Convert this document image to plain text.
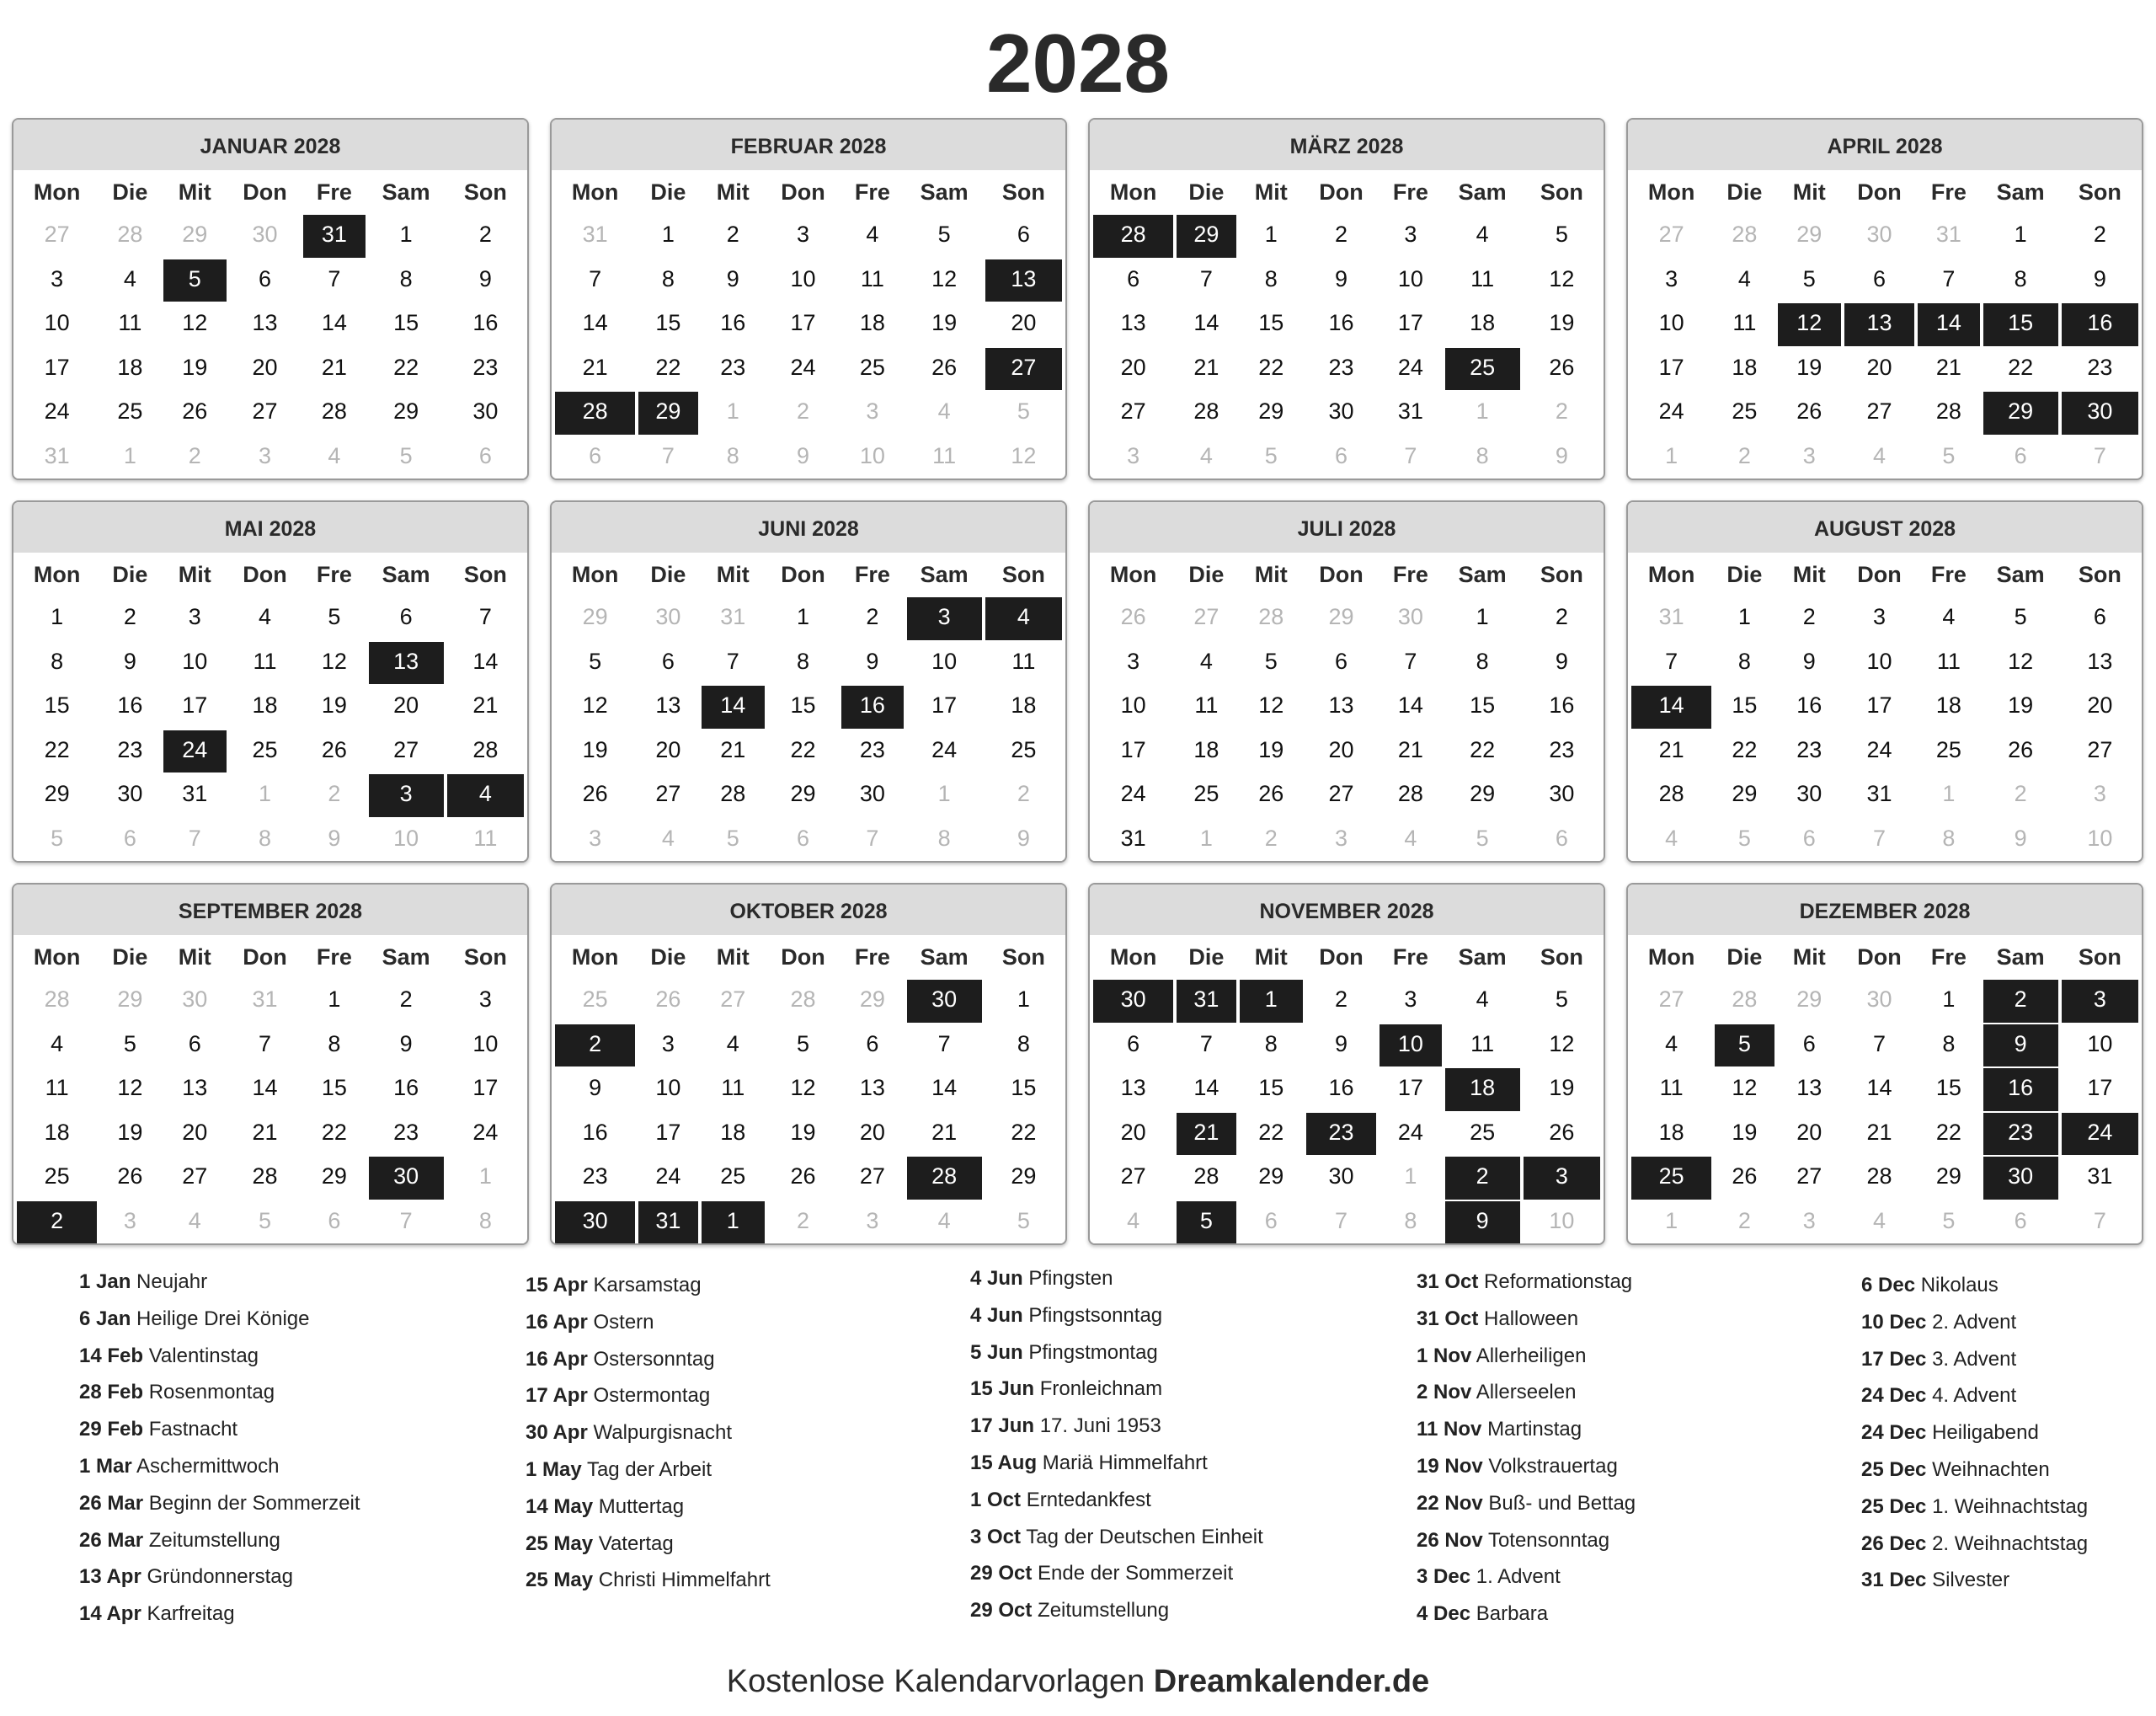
2028
JANUAR 2028
Mon	Die	Mit	Don	Fre	Sam	Son
27	28	29	30	31	1	2
3	4	5	6	7	8	9
10	11	12	13	14	15	16
17	18	19	20	21	22	23
24	25	26	27	28	29	30
31	1	2	3	4	5	6
FEBRUAR 2028
Mon	Die	Mit	Don	Fre	Sam	Son
31	1	2	3	4	5	6
7	8	9	10	11	12	13
14	15	16	17	18	19	20
21	22	23	24	25	26	27
28	29	1	2	3	4	5
6	7	8	9	10	11	12
MÄRZ 2028
Mon	Die	Mit	Don	Fre	Sam	Son
28	29	1	2	3	4	5
6	7	8	9	10	11	12
13	14	15	16	17	18	19
20	21	22	23	24	25	26
27	28	29	30	31	1	2
3	4	5	6	7	8	9
APRIL 2028
Mon	Die	Mit	Don	Fre	Sam	Son
27	28	29	30	31	1	2
3	4	5	6	7	8	9
10	11	12	13	14	15	16
17	18	19	20	21	22	23
24	25	26	27	28	29	30
1	2	3	4	5	6	7
MAI 2028
Mon	Die	Mit	Don	Fre	Sam	Son
1	2	3	4	5	6	7
8	9	10	11	12	13	14
15	16	17	18	19	20	21
22	23	24	25	26	27	28
29	30	31	1	2	3	4
5	6	7	8	9	10	11
JUNI 2028
Mon	Die	Mit	Don	Fre	Sam	Son
29	30	31	1	2	3	4
5	6	7	8	9	10	11
12	13	14	15	16	17	18
19	20	21	22	23	24	25
26	27	28	29	30	1	2
3	4	5	6	7	8	9
JULI 2028
Mon	Die	Mit	Don	Fre	Sam	Son
26	27	28	29	30	1	2
3	4	5	6	7	8	9
10	11	12	13	14	15	16
17	18	19	20	21	22	23
24	25	26	27	28	29	30
31	1	2	3	4	5	6
AUGUST 2028
Mon	Die	Mit	Don	Fre	Sam	Son
31	1	2	3	4	5	6
7	8	9	10	11	12	13
14	15	16	17	18	19	20
21	22	23	24	25	26	27
28	29	30	31	1	2	3
4	5	6	7	8	9	10
SEPTEMBER 2028
Mon	Die	Mit	Don	Fre	Sam	Son
28	29	30	31	1	2	3
4	5	6	7	8	9	10
11	12	13	14	15	16	17
18	19	20	21	22	23	24
25	26	27	28	29	30	1
2	3	4	5	6	7	8
OKTOBER 2028
Mon	Die	Mit	Don	Fre	Sam	Son
25	26	27	28	29	30	1
2	3	4	5	6	7	8
9	10	11	12	13	14	15
16	17	18	19	20	21	22
23	24	25	26	27	28	29
30	31	1	2	3	4	5
NOVEMBER 2028
Mon	Die	Mit	Don	Fre	Sam	Son
30	31	1	2	3	4	5
6	7	8	9	10	11	12
13	14	15	16	17	18	19
20	21	22	23	24	25	26
27	28	29	30	1	2	3
4	5	6	7	8	9	10
DEZEMBER 2028
Mon	Die	Mit	Don	Fre	Sam	Son
27	28	29	30	1	2	3
4	5	6	7	8	9	10
11	12	13	14	15	16	17
18	19	20	21	22	23	24
25	26	27	28	29	30	31
1	2	3	4	5	6	7
1 Jan Neujahr
6 Jan Heilige Drei Könige
14 Feb Valentinstag
28 Feb Rosenmontag
29 Feb Fastnacht
1 Mar Aschermittwoch
26 Mar Beginn der Sommerzeit
26 Mar Zeitumstellung
13 Apr Gründonnerstag
14 Apr Karfreitag
15 Apr Karsamstag
16 Apr Ostern
16 Apr Ostersonntag
17 Apr Ostermontag
30 Apr Walpurgisnacht
1 May Tag der Arbeit
14 May Muttertag
25 May Vatertag
25 May Christi Himmelfahrt
4 Jun Pfingsten
4 Jun Pfingstsonntag
5 Jun Pfingstmontag
15 Jun Fronleichnam
17 Jun 17. Juni 1953
15 Aug Mariä Himmelfahrt
1 Oct Erntedankfest
3 Oct Tag der Deutschen Einheit
29 Oct Ende der Sommerzeit
29 Oct Zeitumstellung
31 Oct Reformationstag
31 Oct Halloween
1 Nov Allerheiligen
2 Nov Allerseelen
11 Nov Martinstag
19 Nov Volkstrauertag
22 Nov Buß- und Bettag
26 Nov Totensonntag
3 Dec 1. Advent
4 Dec Barbara
6 Dec Nikolaus
10 Dec 2. Advent
17 Dec 3. Advent
24 Dec 4. Advent
24 Dec Heiligabend
25 Dec Weihnachten
25 Dec 1. Weihnachtstag
26 Dec 2. Weihnachtstag
31 Dec Silvester
Kostenlose Kalendarvorlagen Dreamkalender.de
